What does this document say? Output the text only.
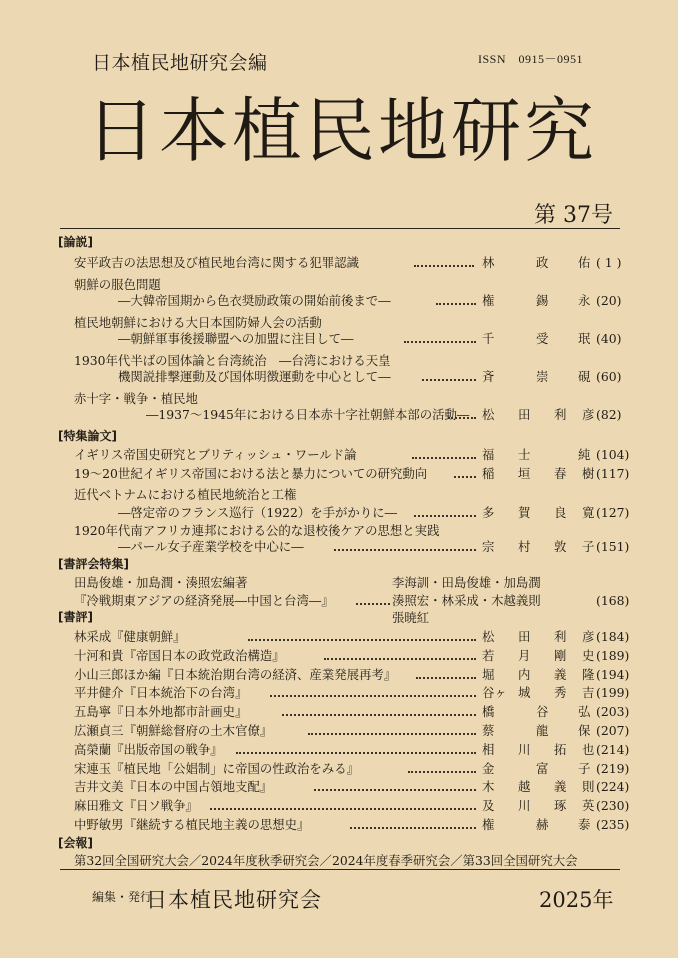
日本植民地研究会編	ISSN　0915－0951
日本植民地研究
第 37号
[論説]
安平政吉の法思想及び植民地台湾に関する犯罪認識	林	政 佑 ( 1 )
朝鮮の服色問題
―大韓帝国期から色衣奨励政策の開始前後まで―	権	錫 永 (20)
植民地朝鮮における大日本国防婦人会の活動
―朝鮮軍事後援聯盟への加盟に注目して―	千	受 珉 (40)
1930年代半ばの国体論と台湾統治　―台湾における天皇
機関説排撃運動及び国体明徴運動を中心として―	斉	崇 硯 (60)
赤十字・戦争・植民地
―1937～1945年における日本赤十字社朝鮮本部の活動― 松 田 利 彦 (82)
[特集論文]
イギリス帝国史研究とブリティッシュ・ワールド論	福 士	純 (104)
19～20世紀イギリス帝国における法と暴力についての研究動向	稲 垣 春 樹 (117)
近代ベトナムにおける植民地統治と工権
―啓定帝のフランス巡行（1922）を手がかりに―	多 賀 良 寛 (127)
1920年代南アフリカ連邦における公的な退校後ケアの思想と実践
―パール女子産業学校を中心に―	宗 村 敦 子 (151)
[書評会特集]
田島俊雄・加島潤・湊照宏編著	李海訓・田島俊雄・加島潤
『冷戦期東アジアの経済発展―中国と台湾―』	湊照宏・林采成・木越義則	(168)
張暁紅
[書評]
林采成『健康朝鮮』	松 田 利 彦 (184)
十河和貴『帝国日本の政党政治構造』	若 月 剛 史 (189)
小山三郎ほか編『日本統治期台湾の経済、産業発展再考』	堀 内 義 隆 (194)
平井健介『日本統治下の台湾』	谷ヶ 城 秀 吉 (199)
五島寧『日本外地都市計画史』	橋	谷 弘 (203)
広瀬貞三『朝鮮総督府の土木官僚』	蔡	龍 保 (207)
高榮蘭『出版帝国の戦争』	相 川 拓 也 (214)
宋連玉『植民地「公娼制」に帝国の性政治をみる』	金	富 子 (219)
吉井文美『日本の中国占領地支配』	木 越 義 則 (224)
麻田雅文『日ソ戦争』	及 川 琢 英 (230)
中野敏男『継続する植民地主義の思想史』	権	赫 泰 (235)
[会報]
第32回全国研究大会／2024年度秋季研究会／2024年度春季研究会／第33回全国研究大会
編集・発行
日本植民地研究会	2025年
